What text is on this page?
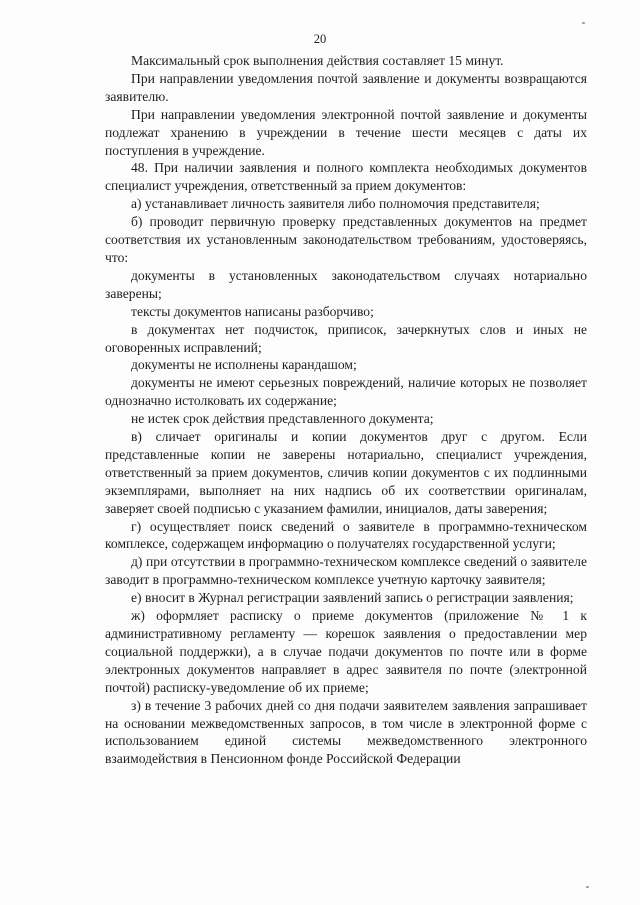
20

Максимальный срок выполнения действия составляет 15 минут.

При направлении уведомления почтой заявление и документы возвращаются заявителю.

При направлении уведомления электронной почтой заявление и документы подлежат хранению в учреждении в течение шести месяцев с даты их поступления в учреждение.

48. При наличии заявления и полного комплекта необходимых документов специалист учреждения, ответственный за прием документов:

а) устанавливает личность заявителя либо полномочия представителя;

б) проводит первичную проверку представленных документов на предмет соответствия их установленным законодательством требованиям, удостоверяясь, что:

документы в установленных законодательством случаях нотариально заверены;

тексты документов написаны разборчиво;

в документах нет подчисток, приписок, зачеркнутых слов и иных не оговоренных исправлений;

документы не исполнены карандашом;

документы не имеют серьезных повреждений, наличие которых не позволяет однозначно истолковать их содержание;

не истек срок действия представленного документа;

в) сличает оригиналы и копии документов друг с другом. Если представленные копии не заверены нотариально, специалист учреждения, ответственный за прием документов, сличив копии документов с их подлинными экземплярами, выполняет на них надпись об их соответствии оригиналам, заверяет своей подписью с указанием фамилии, инициалов, даты заверения;

г) осуществляет поиск сведений о заявителе в программно-техническом комплексе, содержащем информацию о получателях государственной услуги;

д) при отсутствии в программно-техническом комплексе сведений о заявителе заводит в программно-техническом комплексе учетную карточку заявителя;

е) вносит в Журнал регистрации заявлений запись о регистрации заявления;

ж) оформляет расписку о приеме документов (приложение № 1 к административному регламенту — корешок заявления о предоставлении мер социальной поддержки), а в случае подачи документов по почте или в форме электронных документов направляет в адрес заявителя по почте (электронной почтой) расписку-уведомление об их приеме;

з) в течение 3 рабочих дней со дня подачи заявителем заявления запрашивает на основании межведомственных запросов, в том числе в электронной форме с использованием единой системы межведомственного электронного взаимодействия в Пенсионном фонде Российской Федерации
